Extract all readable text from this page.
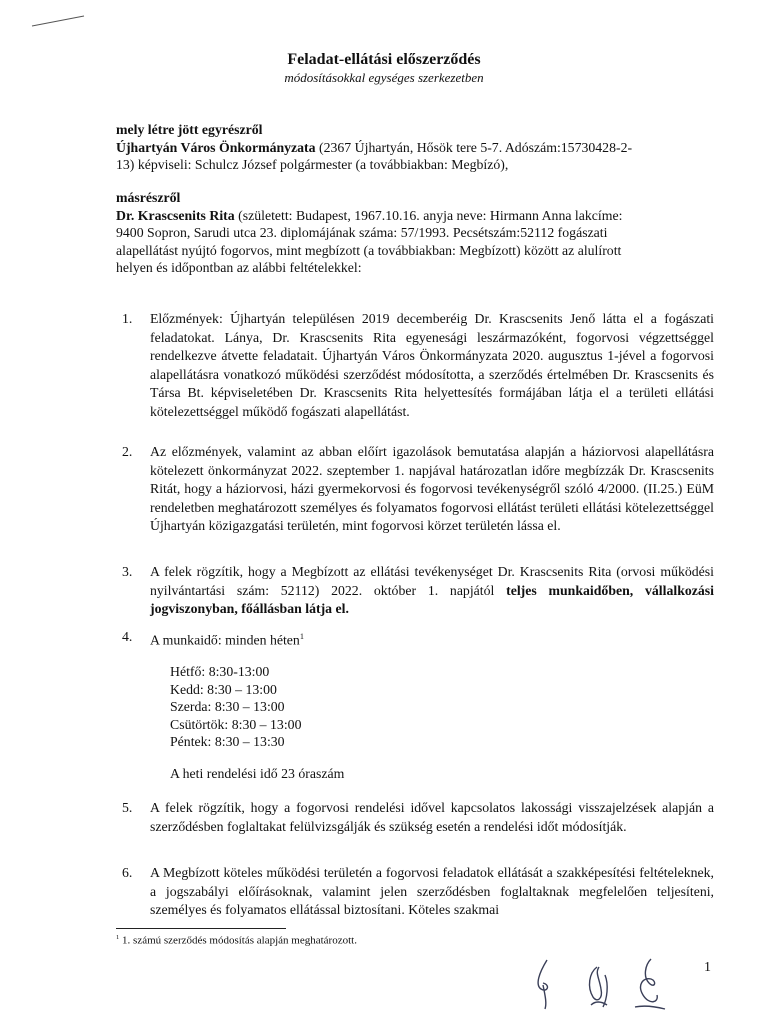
Feladat-ellátási előszerződés
módosításokkal egységes szerkezetben
mely létre jött egyrészről
Újhartyán Város Önkormányzata (2367 Újhartyán, Hősök tere 5-7. Adószám:15730428-2-
13) képviseli: Schulcz József polgármester (a továbbiakban: Megbízó),
másrészről
Dr. Krascsenits Rita (született: Budapest, 1967.10.16. anyja neve: Hirmann Anna lakcíme:
9400 Sopron, Sarudi utca 23. diplomájának száma: 57/1993. Pecsétszám:52112 fogászati
alapellátást nyújtó fogorvos, mint megbízott (a továbbiakban: Megbízott) között az alulírott
helyen és időpontban az alábbi feltételekkel:
1. Előzmények: Újhartyán településen 2019 decemberéig Dr. Krascsenits Jenő látta el a fogászati feladatokat. Lánya, Dr. Krascsenits Rita egyenesági leszármazóként, fogorvosi végzettséggel rendelkezve átvette feladatait. Újhartyán Város Önkormányzata 2020. augusztus 1-jével a fogorvosi alapellátásra vonatkozó működési szerződést módosította, a szerződés értelmében Dr. Krascsenits és Társa Bt. képviseletében Dr. Krascsenits Rita helyettesítés formájában látja el a területi ellátási kötelezettséggel működő fogászati alapellátást.
2. Az előzmények, valamint az abban előírt igazolások bemutatása alapján a háziorvosi alapellátásra kötelezett önkormányzat 2022. szeptember 1. napjával határozatlan időre megbízzák Dr. Krascsenits Ritát, hogy a háziorvosi, házi gyermekorvosi és fogorvosi tevékenységről szóló 4/2000. (II.25.) EüM rendeletben meghatározott személyes és folyamatos fogorvosi ellátást területi ellátási kötelezettséggel Újhartyán közigazgatási területén, mint fogorvosi körzet területén lássa el.
3. A felek rögzítik, hogy a Megbízott az ellátási tevékenységet Dr. Krascsenits Rita (orvosi működési nyilvántartási szám: 52112) 2022. október 1. napjától teljes munkaidőben, vállalkozási jogviszonyban, főállásban látja el.
4. A munkaidő: minden héten$^1$
Hétfő: 8:30-13:00
Kedd: 8:30 – 13:00
Szerda: 8:30 – 13:00
Csütörtök: 8:30 – 13:00
Péntek: 8:30 – 13:30
A heti rendelési idő 23 óraszám
5. A felek rögzítik, hogy a fogorvosi rendelési idővel kapcsolatos lakossági visszajelzések alapján a szerződésben foglaltakat felülvizsgálják és szükség esetén a rendelési időt módosítják.
6. A Megbízott köteles működési területén a fogorvosi feladatok ellátását a szakképesítési feltételeknek, a jogszabályi előírásoknak, valamint jelen szerződésben foglaltaknak megfelelően teljesíteni, személyes és folyamatos ellátással biztosítani. Köteles szakmai
$^1$ 1. számú szerződés módosítás alapján meghatározott.
1
